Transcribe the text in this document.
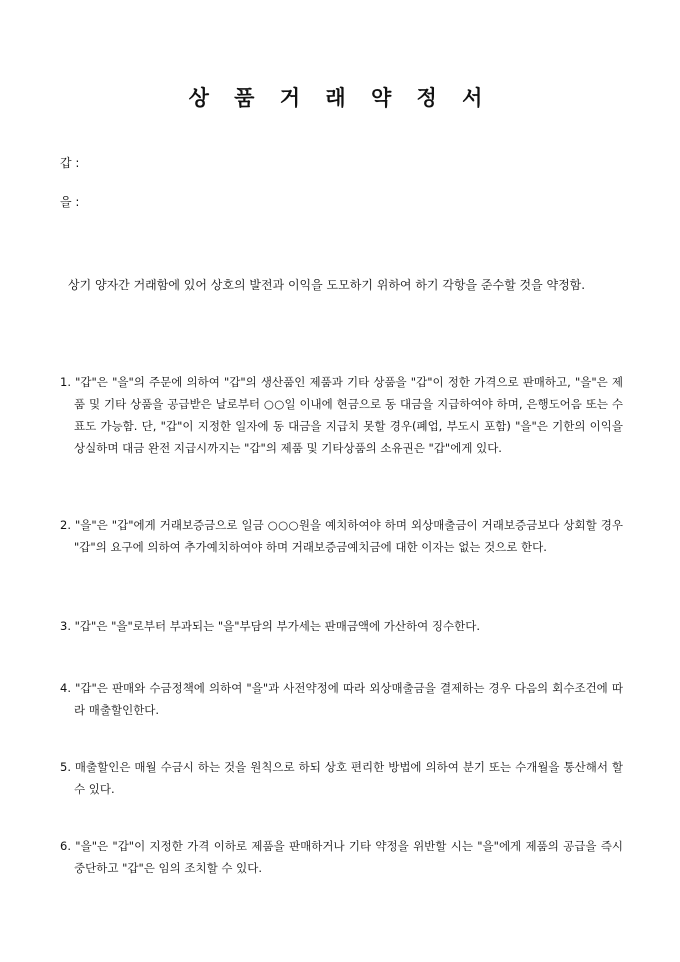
상 품 거 래 약 정 서

갑 :

을 :

상기 양자간 거래함에 있어 상호의 발전과 이익을 도모하기 위하여 하기 각항을 준수할 것을 약정함.

1. "갑"은 "을"의 주문에 의하여 "갑"의 생산품인 제품과 기타 상품을 "갑"이 정한 가격으로 판매하고, "을"은 제품 및 기타 상품을 공급받은 날로부터 ○○일 이내에 현금으로 동 대금을 지급하여야 하며, 은행도어음 또는 수표도 가능함. 단, "갑"이 지정한 일자에 동 대금을 지급치 못할 경우(폐업, 부도시 포함) "을"은 기한의 이익을 상실하며 대금 완전 지급시까지는 "갑"의 제품 및 기타상품의 소유권은 "갑"에게 있다.

2. "을"은 "갑"에게 거래보증금으로 일금 ○○○원을 예치하여야 하며 외상매출금이 거래보증금보다 상회할 경우 "갑"의 요구에 의하여 추가예치하여야 하며 거래보증금예치금에 대한 이자는 없는 것으로 한다.

3. "갑"은 "을"로부터 부과되는 "을"부담의 부가세는 판매금액에 가산하여 징수한다.

4. "갑"은 판매와 수금정책에 의하여 "을"과 사전약정에 따라 외상매출금을 결제하는 경우 다음의 회수조건에 따라 매출할인한다.

5. 매출할인은 매월 수금시 하는 것을 원칙으로 하되 상호 편리한 방법에 의하여 분기 또는 수개월을 통산해서 할 수 있다.

6. "을"은 "갑"이 지정한 가격 이하로 제품을 판매하거나 기타 약정을 위반할 시는 "을"에게 제품의 공급을 즉시 중단하고 "갑"은 임의 조치할 수 있다.
